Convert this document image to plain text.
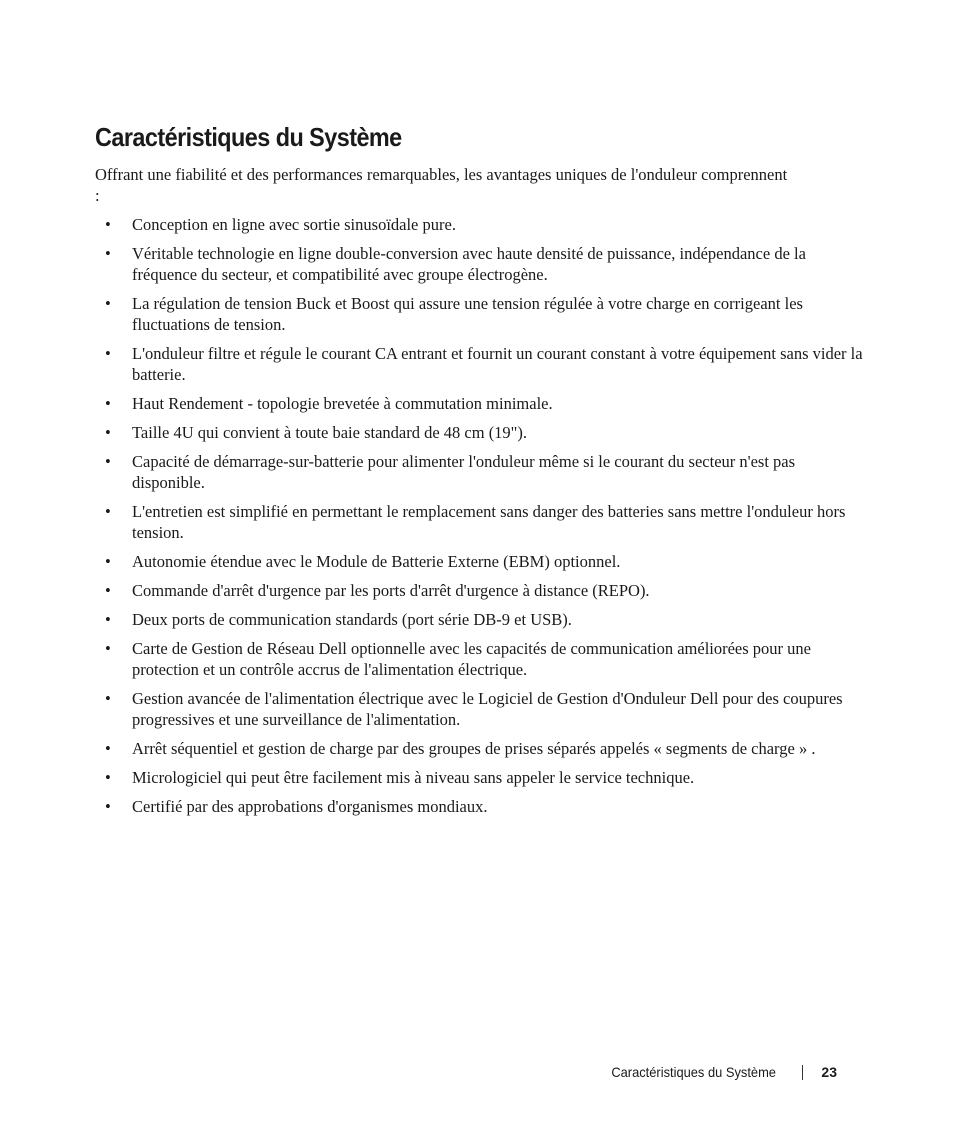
Caractéristiques du Système

Offrant une fiabilité et des performances remarquables, les avantages uniques de l'onduleur comprennent :

• Conception en ligne avec sortie sinusoïdale pure.
• Véritable technologie en ligne double-conversion avec haute densité de puissance, indépendance de la fréquence du secteur, et compatibilité avec groupe électrogène.
• La régulation de tension Buck et Boost qui assure une tension régulée à votre charge en corrigeant les fluctuations de tension.
• L'onduleur filtre et régule le courant CA entrant et fournit un courant constant à votre équipement sans vider la batterie.
• Haut Rendement - topologie brevetée à commutation minimale.
• Taille 4U qui convient à toute baie standard de 48 cm (19").
• Capacité de démarrage-sur-batterie pour alimenter l'onduleur même si le courant du secteur n'est pas disponible.
• L'entretien est simplifié en permettant le remplacement sans danger des batteries sans mettre l'onduleur hors tension.
• Autonomie étendue avec le Module de Batterie Externe (EBM) optionnel.
• Commande d'arrêt d'urgence par les ports d'arrêt d'urgence à distance (REPO).
• Deux ports de communication standards (port série DB-9 et USB).
• Carte de Gestion de Réseau Dell optionnelle avec les capacités de communication améliorées pour une protection et un contrôle accrus de l'alimentation électrique.
• Gestion avancée de l'alimentation électrique avec le Logiciel de Gestion d'Onduleur Dell pour des coupures progressives et une surveillance de l'alimentation.
• Arrêt séquentiel et gestion de charge par des groupes de prises séparés appelés « segments de charge » .
• Micrologiciel qui peut être facilement mis à niveau sans appeler le service technique.
• Certifié par des approbations d'organismes mondiaux.
Caractéristiques du Système	23
